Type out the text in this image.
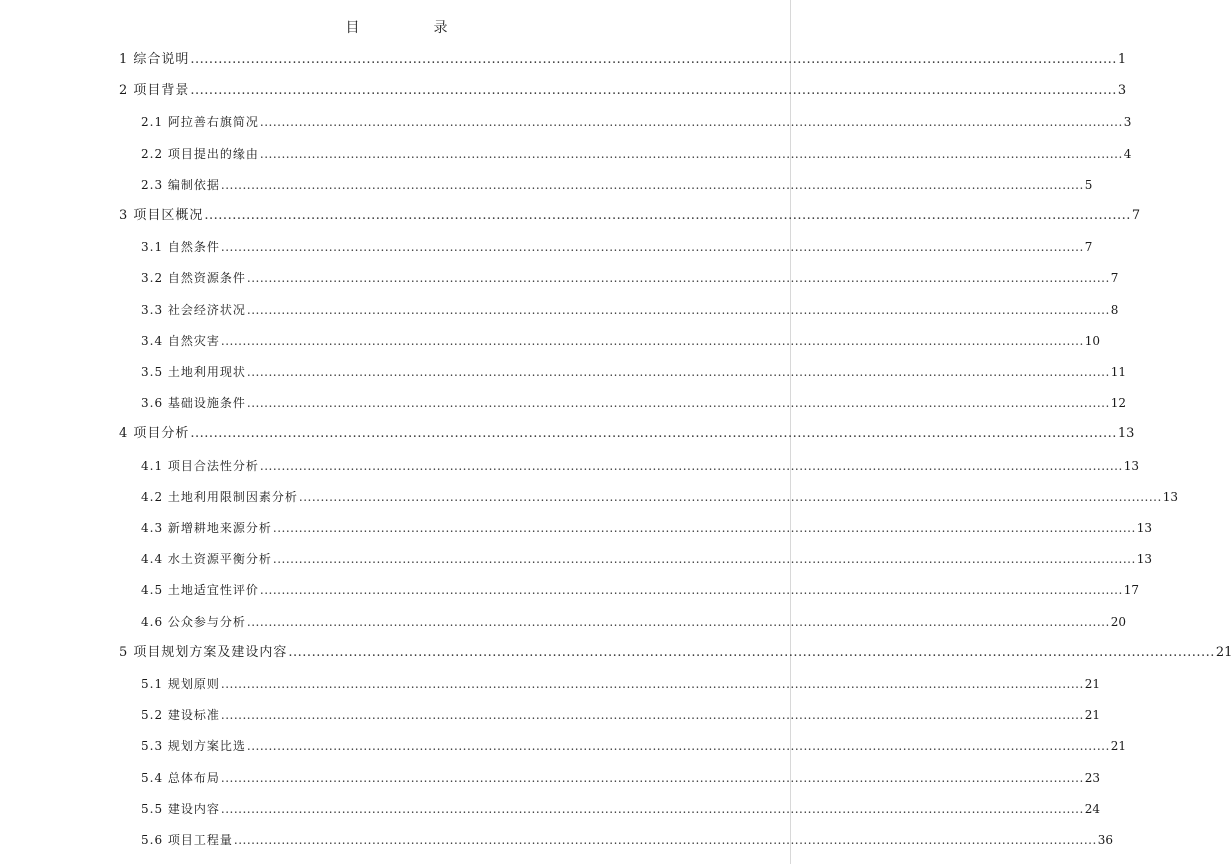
目　录
1 综合说明 ........................................................................................................................................................................................................ 1
2 项目背景 ........................................................................................................................................................................................................ 3
2.1 阿拉善右旗简况 ........................................................................................................................................................................................................ 3
2.2 项目提出的缘由 ........................................................................................................................................................................................................ 4
2.3 编制依据 ........................................................................................................................................................................................................ 5
3 项目区概况 ........................................................................................................................................................................................................ 7
3.1 自然条件 ........................................................................................................................................................................................................ 7
3.2 自然资源条件 ........................................................................................................................................................................................................ 7
3.3 社会经济状况 ........................................................................................................................................................................................................ 8
3.4 自然灾害 ........................................................................................................................................................................................................ 10
3.5 土地利用现状 ........................................................................................................................................................................................................ 11
3.6 基础设施条件 ........................................................................................................................................................................................................ 12
4 项目分析 ........................................................................................................................................................................................................ 13
4.1 项目合法性分析 ........................................................................................................................................................................................................ 13
4.2 土地利用限制因素分析 ........................................................................................................................................................................................................ 13
4.3 新增耕地来源分析 ........................................................................................................................................................................................................ 13
4.4 水土资源平衡分析 ........................................................................................................................................................................................................ 13
4.5 土地适宜性评价 ........................................................................................................................................................................................................ 17
4.6 公众参与分析 ........................................................................................................................................................................................................ 20
5 项目规划方案及建设内容 ........................................................................................................................................................................................................ 21
5.1 规划原则 ........................................................................................................................................................................................................ 21
5.2 建设标准 ........................................................................................................................................................................................................ 21
5.3 规划方案比选 ........................................................................................................................................................................................................ 21
5.4 总体布局 ........................................................................................................................................................................................................ 23
5.5 建设内容 ........................................................................................................................................................................................................ 24
5.6 项目工程量 ........................................................................................................................................................................................................ 36
